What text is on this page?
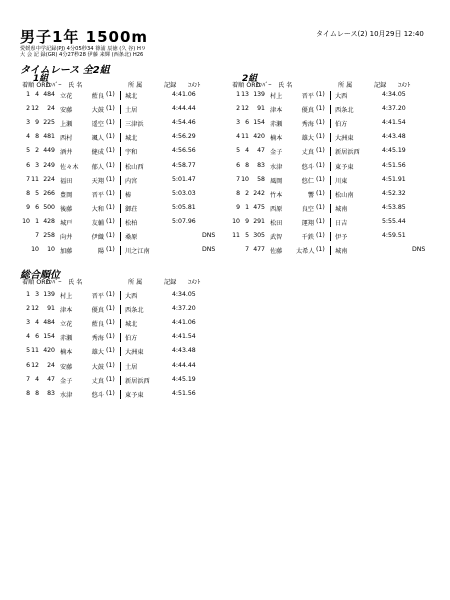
男子1年 1500m	タイムレース(2) 10月29日 12:40
愛媛県中学記録(PJ) 4分05秒34 篠浦 辰徳 (久 谷) H９
大 会 記 録(GR) 4分27秒28 伊藤 来輝 (西条北) H26
タイムレース 全2組
1組	2組
着順 ORD
ﾅﾝﾊﾞｰ 氏 名	所 属	記録 ｺﾒﾝﾄ	着順 ORD
ﾅﾝﾊﾞｰ 氏 名	所 属	記録 ｺﾒﾝﾄ
1 4 484 立花	藍良 (1) 城北	4:41.06
2 12	24 安藤	大鼓 (1) 土居	4:44.44
3 9 225 上瀬	遥空 (1) 三津浜	4:54.46
4 8 481 西村	颯人 (1) 城北	4:56.29
5 2 449 酒井	健成 (1) 宇和	4:56.56
6 3 249 佐々木	郁人 (1) 松山西	4:58.77
7 11 224 福田	天翔 (1) 内宮	5:01.47
8 5 266 豊岡	晋平 (1) 椿	5:03.03
9 6 500 後藤	大和 (1) 御荘	5:05.81
10 1 428 城戸	友輔 (1) 松柏	5:07.96
7 258 向井	伊織 (1) 桑原	DNS
10	10 加藤	陽 (1) 川之江南	DNS
1 13 139 村上	晋平 (1) 大西	4:34.05
2 12	91 津本	優真 (1) 西条北	4:37.20
3 6 154 赤瀬	秀海 (1) 伯方	4:41.54
4 11 420 楠本	雄大 (1) 大洲東	4:43.48
5 4	47 金子	丈真 (1) 新居浜西	4:45.19
6 8	83 水津	悠斗 (1) 東予東	4:51.56
7 10	58 風岡	悠仁 (1) 川東	4:51.91
8 2 242 竹本	響 (1) 松山南	4:52.32
9 1 475 西原	良空 (1) 城南	4:53.85
10 9 291 松田	運翔 (1) 日吉	5:55.44
11 5 305 武智	千鉄 (1) 伊予	4:59.51
7 477 佐藤 太希人 (1) 城南	DNS
総合順位
着順 ORD
ﾅﾝﾊﾞｰ 氏 名	所 属	記録 ｺﾒﾝﾄ
1 3 139 村上	晋平 (1) 大西	4:34.05
2 12	91 津本	優真 (1) 西条北	4:37.20
3 4 484 立花	藍良 (1) 城北	4:41.06
4 6 154 赤瀬	秀海 (1) 伯方	4:41.54
5 11 420 楠本	雄大 (1) 大洲東	4:43.48
6 12	24 安藤	大鼓 (1) 土居	4:44.44
7 4	47 金子	丈真 (1) 新居浜西	4:45.19
8 8	83 水津	悠斗 (1) 東予東	4:51.56
